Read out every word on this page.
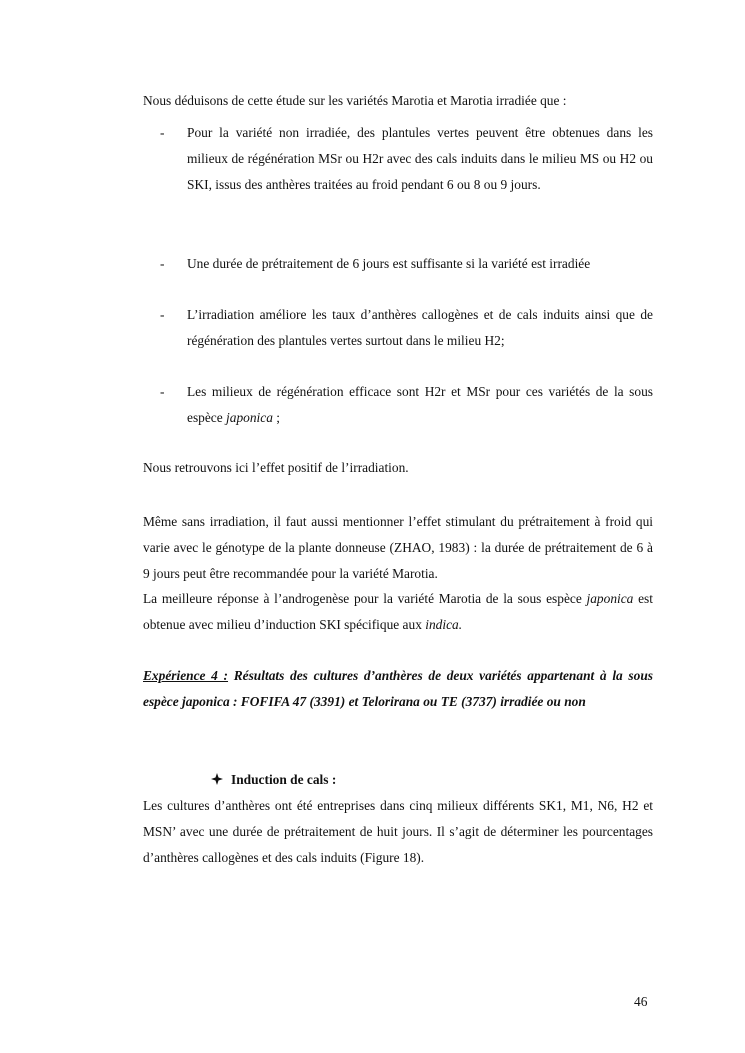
Nous déduisons de cette étude sur les variétés Marotia et Marotia irradiée que :

- Pour la variété non irradiée, des plantules vertes peuvent être obtenues dans les milieux de régénération MSr ou H2r avec des cals induits dans le milieu MS ou H2 ou SKI, issus des anthères traitées au froid pendant 6 ou 8 ou 9 jours.

- Une durée de prétraitement de 6 jours est suffisante si la variété est irradiée

- L’irradiation améliore les taux d’anthères callogènes et de cals induits ainsi que de régénération des plantules vertes surtout dans le milieu H2;

- Les milieux de régénération efficace sont H2r et MSr pour ces variétés de la sous espèce japonica ;

Nous retrouvons ici l’effet positif de l’irradiation.

Même sans irradiation, il faut aussi mentionner l’effet stimulant du prétraitement à froid qui varie avec le génotype de la plante donneuse (ZHAO, 1983) : la durée de prétraitement de 6 à 9 jours peut être recommandée pour la variété Marotia.

La meilleure réponse à l’androgenèse pour la variété Marotia de la sous espèce japonica est obtenue avec milieu d’induction SKI spécifique aux indica.

Expérience 4 : Résultats des cultures d’anthères de deux variétés appartenant à la sous espèce japonica : FOFIFA 47 (3391) et Telorirana ou TE (3737) irradiée ou non

Induction de cals :

Les cultures d’anthères ont été entreprises dans cinq milieux différents SK1, M1, N6, H2 et MSN’ avec une durée de prétraitement de huit jours. Il s’agit de déterminer les pourcentages d’anthères callogènes et des cals induits (Figure 18).

46
